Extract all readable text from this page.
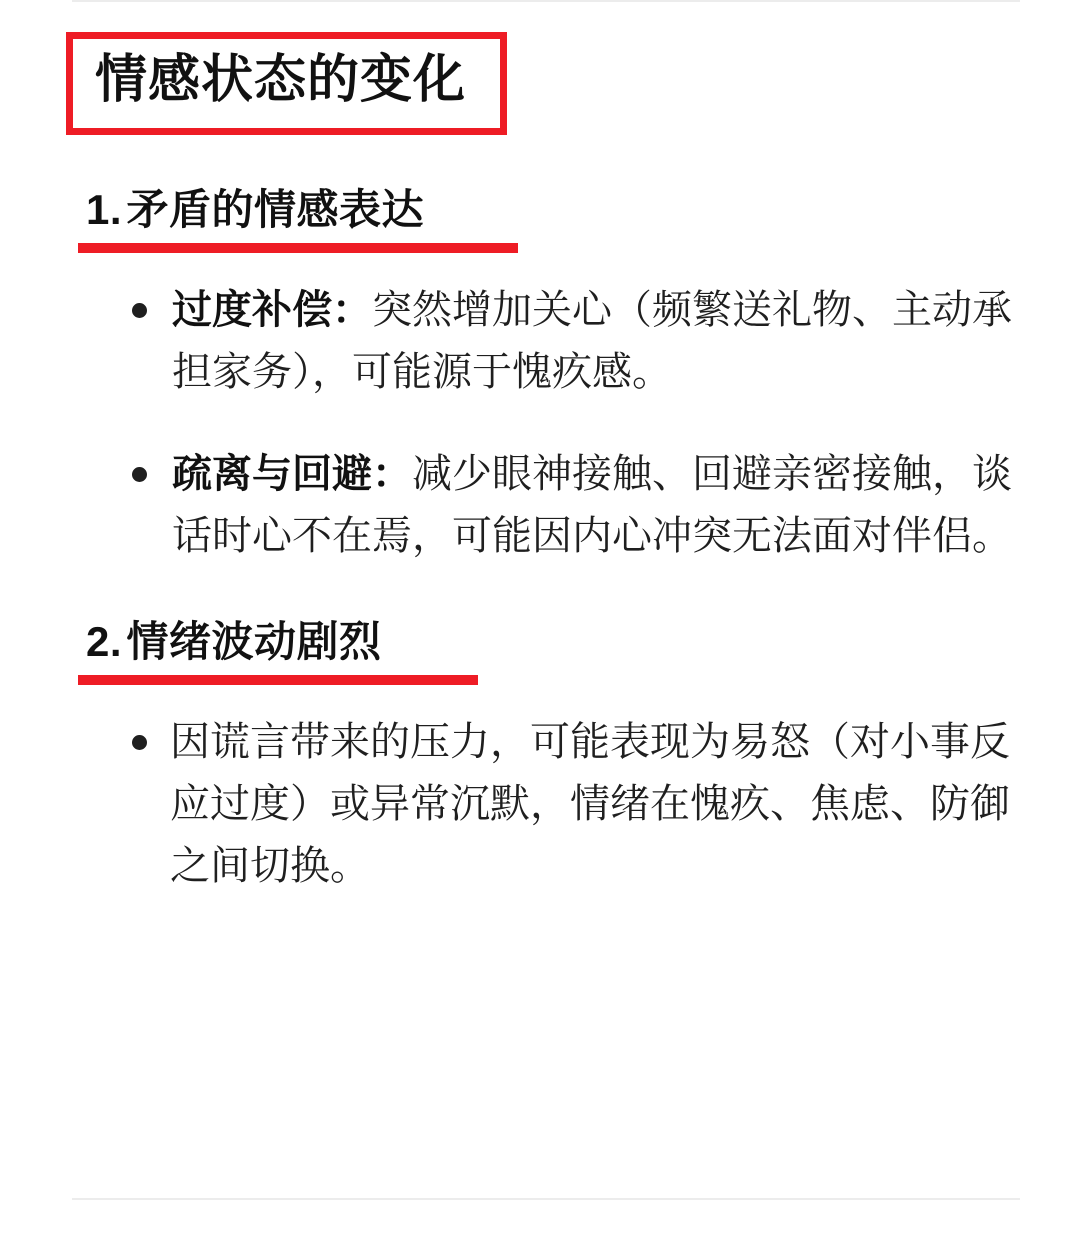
情感状态的变化
1. 矛盾的情感表达
过度补偿：突然增加关心（频繁送礼物、主动承担家务），可能源于愧疚感。
疏离与回避：减少眼神接触、回避亲密接触，谈话时心不在焉，可能因内心冲突无法面对伴侣。
2. 情绪波动剧烈
因谎言带来的压力，可能表现为易怒（对小事反应过度）或异常沉默，情绪在愧疚、焦虑、防御之间切换。
